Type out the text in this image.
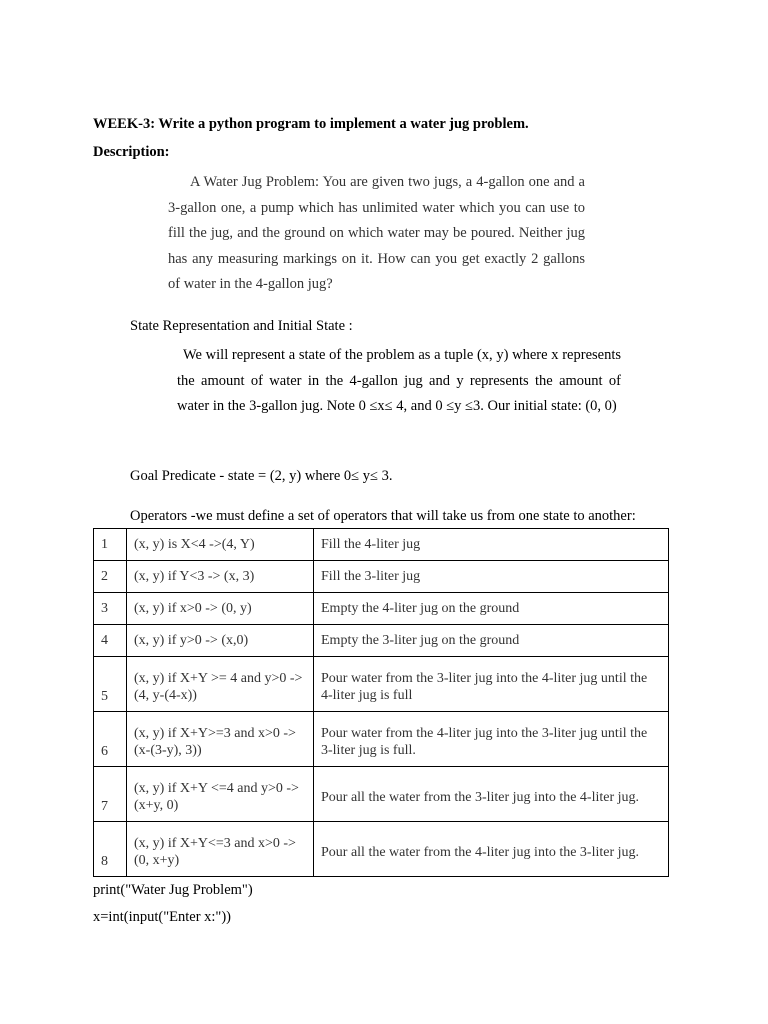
WEEK-3: Write a python program to implement a water jug problem.
Description:

A Water Jug Problem: You are given two jugs, a 4-gallon one and a 3-gallon one, a pump which has unlimited water which you can use to fill the jug, and the ground on which water may be poured. Neither jug has any measuring markings on it. How can you get exactly 2 gallons of water in the 4-gallon jug?

State Representation and Initial State :

We will represent a state of the problem as a tuple (x, y) where x represents the amount of water in the 4-gallon jug and y represents the amount of water in the 3-gallon jug. Note 0 ≤x≤ 4, and 0 ≤y ≤3. Our initial state: (0, 0)

Goal Predicate - state = (2, y) where 0≤ y≤ 3.
Operators -we must define a set of operators that will take us from one state to another:
1	(x, y) is X<4 ->(4, Y)	Fill the 4-liter jug
2	(x, y) if Y<3 -> (x, 3)	Fill the 3-liter jug
3	(x, y) if x>0 -> (0, y)	Empty the 4-liter jug on the ground
4	(x, y) if y>0 -> (x,0)	Empty the 3-liter jug on the ground
5	(x, y) if X+Y >= 4 and y>0 -> (4, y-(4-x))	Pour water from the 3-liter jug into the 4-liter jug until the 4-liter jug is full
6	(x, y) if X+Y>=3 and x>0 -> (x-(3-y), 3))	Pour water from the 4-liter jug into the 3-liter jug until the 3-liter jug is full.
7	(x, y) if X+Y <=4 and y>0 -> (x+y, 0)	Pour all the water from the 3-liter jug into the 4-liter jug.
8	(x, y) if X+Y<=3 and x>0 -> (0, x+y)	Pour all the water from the 4-liter jug into the 3-liter jug.
print("Water Jug Problem")
x=int(input("Enter x:"))
